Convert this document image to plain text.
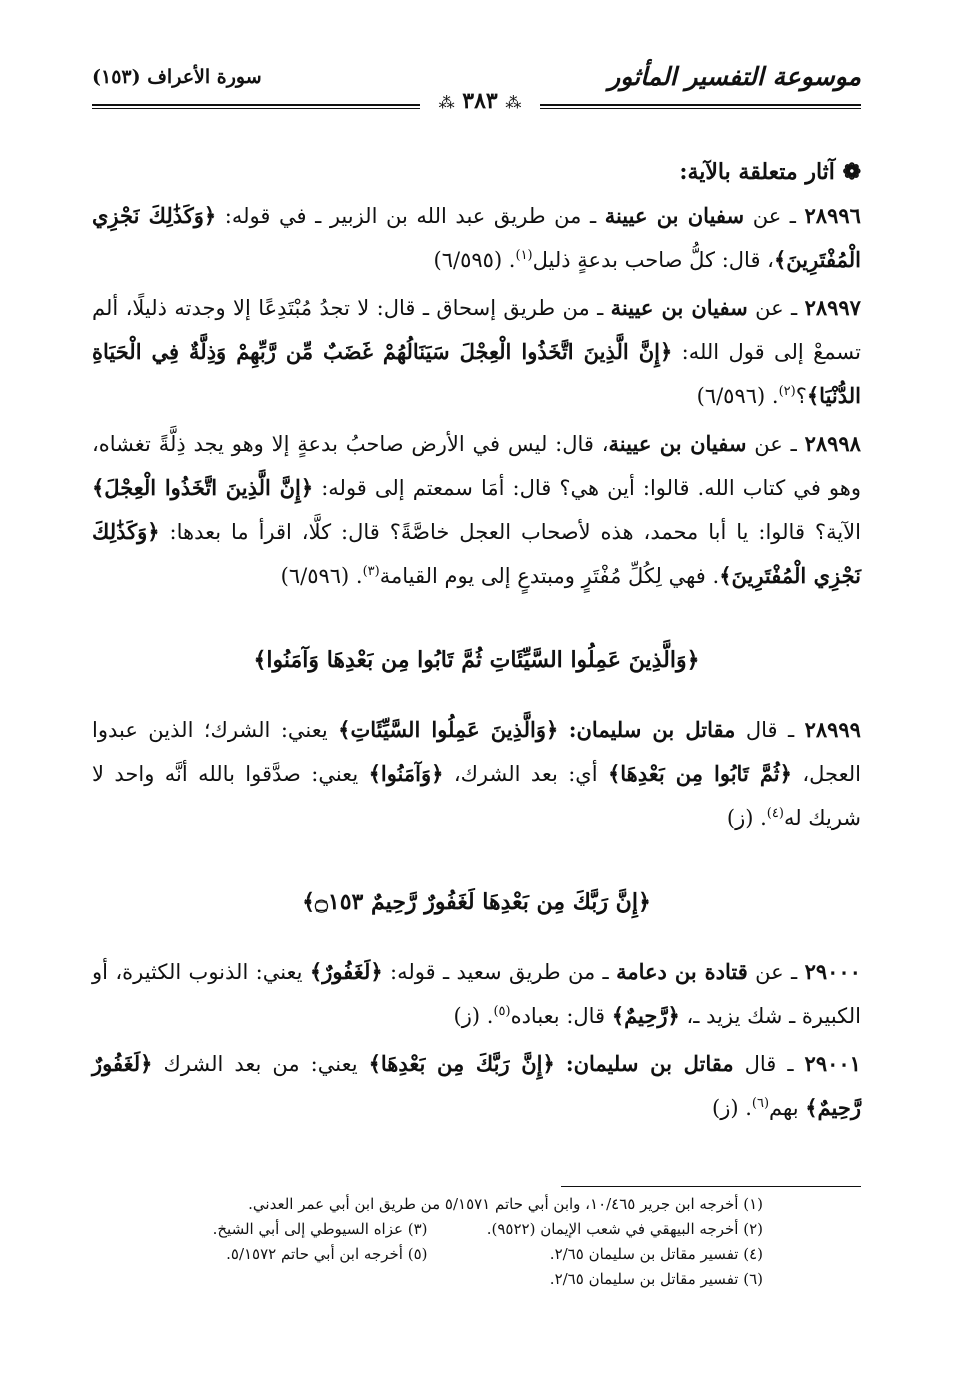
موسوعة التفسير المأثور
سورة الأعراف (١٥٣)
⁂ ٣٨٣ ⁂

❁ آثار متعلقة بالآية:

٢٨٩٩٦ ـ عن سفيان بن عيينة ـ من طريق عبد الله بن الزبير ـ في قوله: ﴿وَكَذَٰلِكَ نَجْزِي الْمُفْتَرِينَ﴾، قال: كلُّ صاحب بدعةٍ ذليل$^{(١)}$. (٦/٥٩٥)

٢٨٩٩٧ ـ عن سفيان بن عيينة ـ من طريق إسحاق ـ قال: لا تجدُ مُبْتَدِعًا إلا وجدته ذليلًا، ألم تسمعْ إلى قول الله: ﴿إِنَّ الَّذِينَ اتَّخَذُوا الْعِجْلَ سَيَنَالُهُمْ غَضَبٌ مِّن رَّبِّهِمْ وَذِلَّةٌ فِي الْحَيَاةِ الدُّنْيَا﴾؟$^{(٢)}$. (٦/٥٩٦)

٢٨٩٩٨ ـ عن سفيان بن عيينة، قال: ليس في الأرض صاحبُ بدعةٍ إلا وهو يجد ذِلَّةً تغشاه، وهو في كتاب الله. قالوا: أين هي؟ قال: أمَا سمعتم إلى قوله: ﴿إِنَّ الَّذِينَ اتَّخَذُوا الْعِجْلَ﴾ الآية؟ قالوا: يا أبا محمد، هذه لأصحاب العجل خاصَّةً؟ قال: كلَّا، اقرأ ما بعدها: ﴿وَكَذَٰلِكَ نَجْزِي الْمُفْتَرِينَ﴾. فهي لِكُلِّ مُفْتَرٍ ومبتدعٍ إلى يوم القيامة$^{(٣)}$. (٦/٥٩٦)

﴿وَالَّذِينَ عَمِلُوا السَّيِّئَاتِ ثُمَّ تَابُوا مِن بَعْدِهَا وَآمَنُوا﴾

٢٨٩٩٩ ـ قال مقاتل بن سليمان: ﴿وَالَّذِينَ عَمِلُوا السَّيِّئَاتِ﴾ يعني: الشرك؛ الذين عبدوا العجل، ﴿ثُمَّ تَابُوا مِن بَعْدِهَا﴾ أي: بعد الشرك، ﴿وَآمَنُوا﴾ يعني: صدَّقوا بالله أنَّه واحد لا شريك له$^{(٤)}$. (ز)

﴿إِنَّ رَبَّكَ مِن بَعْدِهَا لَغَفُورٌ رَّحِيمٌ ۝١٥٣﴾

٢٩٠٠٠ ـ عن قتادة بن دعامة ـ من طريق سعيد ـ قوله: ﴿لَغَفُورٌ﴾ يعني: الذنوب الكثيرة، أو الكبيرة ـ شك يزيد ـ، ﴿رَّحِيمٌ﴾ قال: بعباده$^{(٥)}$. (ز)

٢٩٠٠١ ـ قال مقاتل بن سليمان: ﴿إِنَّ رَبَّكَ مِن بَعْدِهَا﴾ يعني: من بعد الشرك ﴿لَغَفُورٌ رَّحِيمٌ﴾ بهم$^{(٦)}$. (ز)

(١) أخرجه ابن جرير ١٠/٤٦٥، وابن أبي حاتم ٥/١٥٧١ من طريق ابن أبي عمر العدني.
(٢) أخرجه البيهقي في شعب الإيمان (٩٥٢٢).
(٣) عزاه السيوطي إلى أبي الشيخ.
(٤) تفسير مقاتل بن سليمان ٢/٦٥.
(٥) أخرجه ابن أبي حاتم ٥/١٥٧٢.
(٦) تفسير مقاتل بن سليمان ٢/٦٥.
